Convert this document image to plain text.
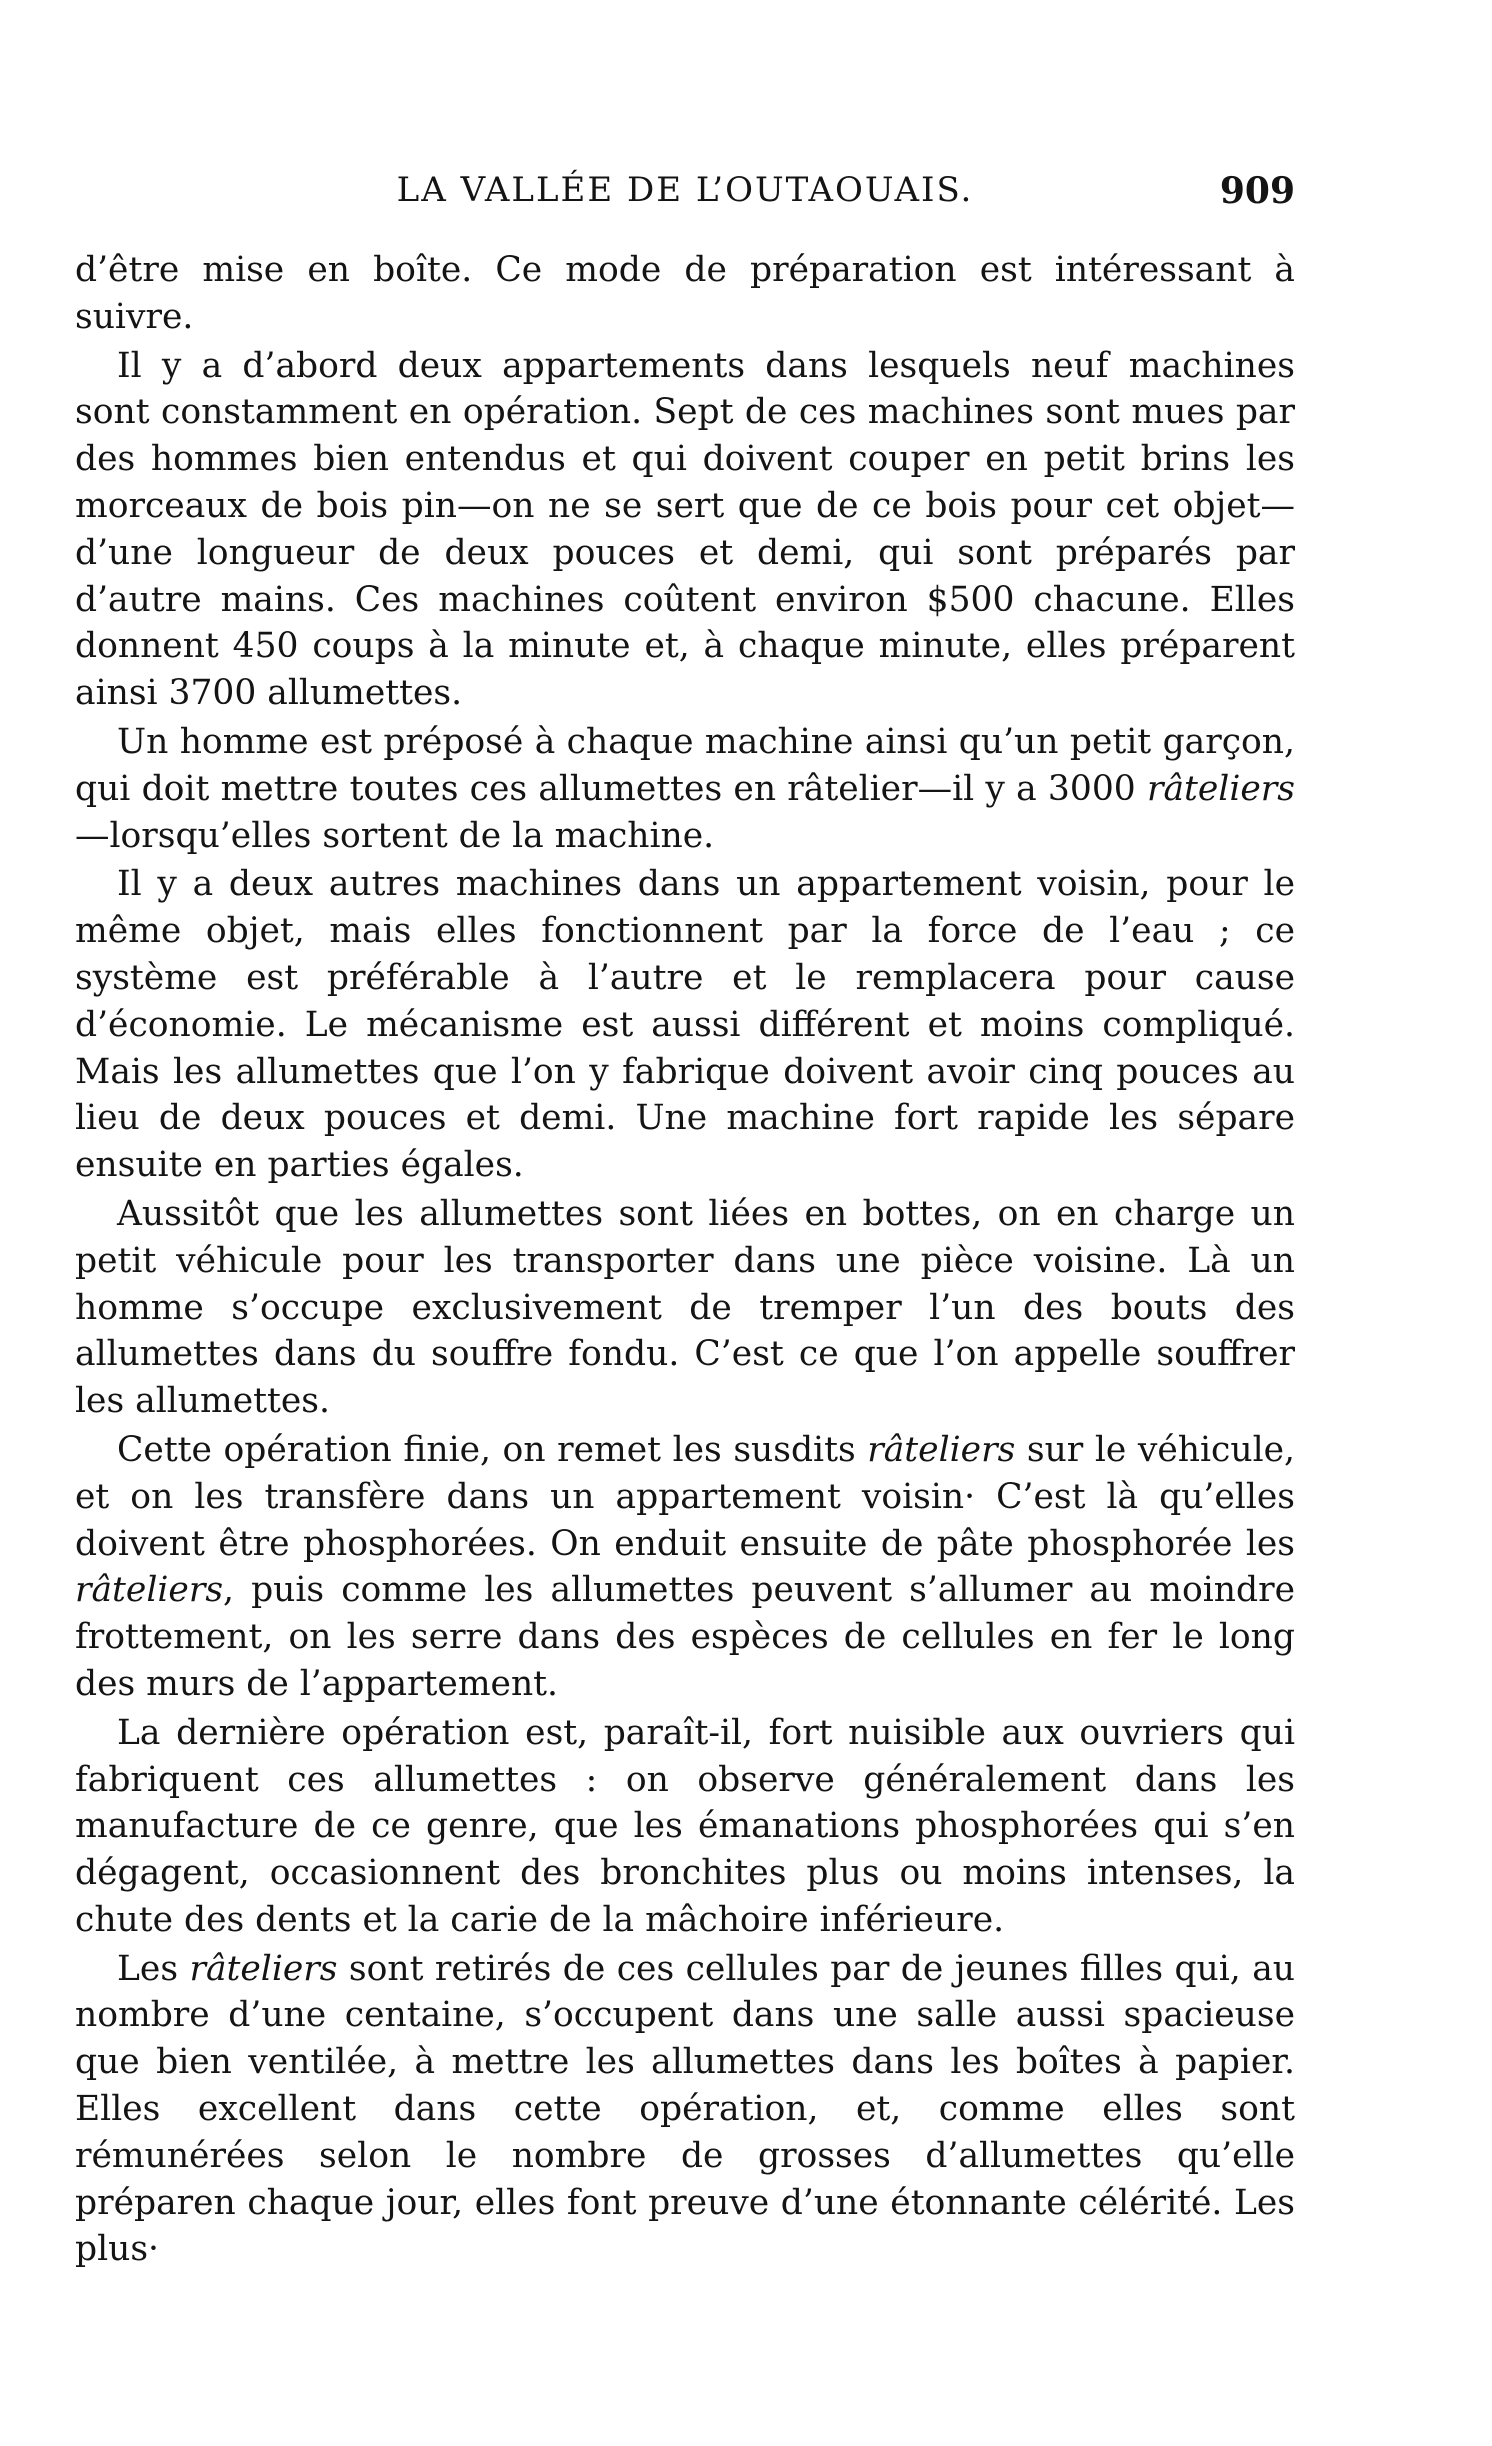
LA VALLÉE DE L’OUTAOUAIS.	909

d’être mise en boîte. Ce mode de préparation est intéressant à suivre.

Il y a d’abord deux appartements dans lesquels neuf machines sont constamment en opération. Sept de ces machines sont mues par des hommes bien entendus et qui doivent couper en petit brins les morceaux de bois pin—on ne se sert que de ce bois pour cet objet—d’une longueur de deux pouces et demi, qui sont préparés par d’autre mains. Ces machines coûtent environ $500 chacune. Elles donnent 450 coups à la minute et, à chaque minute, elles préparent ainsi 3700 allumettes.

Un homme est préposé à chaque machine ainsi qu’un petit garçon, qui doit mettre toutes ces allumettes en râtelier—il y a 3000 râteliers—lorsqu’elles sortent de la machine.

Il y a deux autres machines dans un appartement voisin, pour le même objet, mais elles fonctionnent par la force de l’eau ; ce système est préférable à l’autre et le remplacera pour cause d’économie. Le mécanisme est aussi différent et moins compliqué. Mais les allumettes que l’on y fabrique doivent avoir cinq pouces au lieu de deux pouces et demi. Une machine fort rapide les sépare ensuite en parties égales.

Aussitôt que les allumettes sont liées en bottes, on en charge un petit véhicule pour les transporter dans une pièce voisine. Là un homme s’occupe exclusivement de tremper l’un des bouts des allumettes dans du souffre fondu. C’est ce que l’on appelle souffrer les allumettes.

Cette opération finie, on remet les susdits râteliers sur le véhicule, et on les transfère dans un appartement voisin· C’est là qu’elles doivent être phosphorées. On enduit ensuite de pâte phosphorée les râteliers, puis comme les allumettes peuvent s’allumer au moindre frottement, on les serre dans des espèces de cellules en fer le long des murs de l’appartement.

La dernière opération est, paraît-il, fort nuisible aux ouvriers qui fabriquent ces allumettes : on observe généralement dans les manufacture de ce genre, que les émanations phosphorées qui s’en dégagent, occasionnent des bronchites plus ou moins intenses, la chute des dents et la carie de la mâchoire inférieure.

Les râteliers sont retirés de ces cellules par de jeunes filles qui, au nombre d’une centaine, s’occupent dans une salle aussi spacieuse que bien ventilée, à mettre les allumettes dans les boîtes à papier. Elles excellent dans cette opération, et, comme elles sont rémunérées selon le nombre de grosses d’allumettes qu’elle préparen chaque jour, elles font preuve d’une étonnante célérité. Les plus·
